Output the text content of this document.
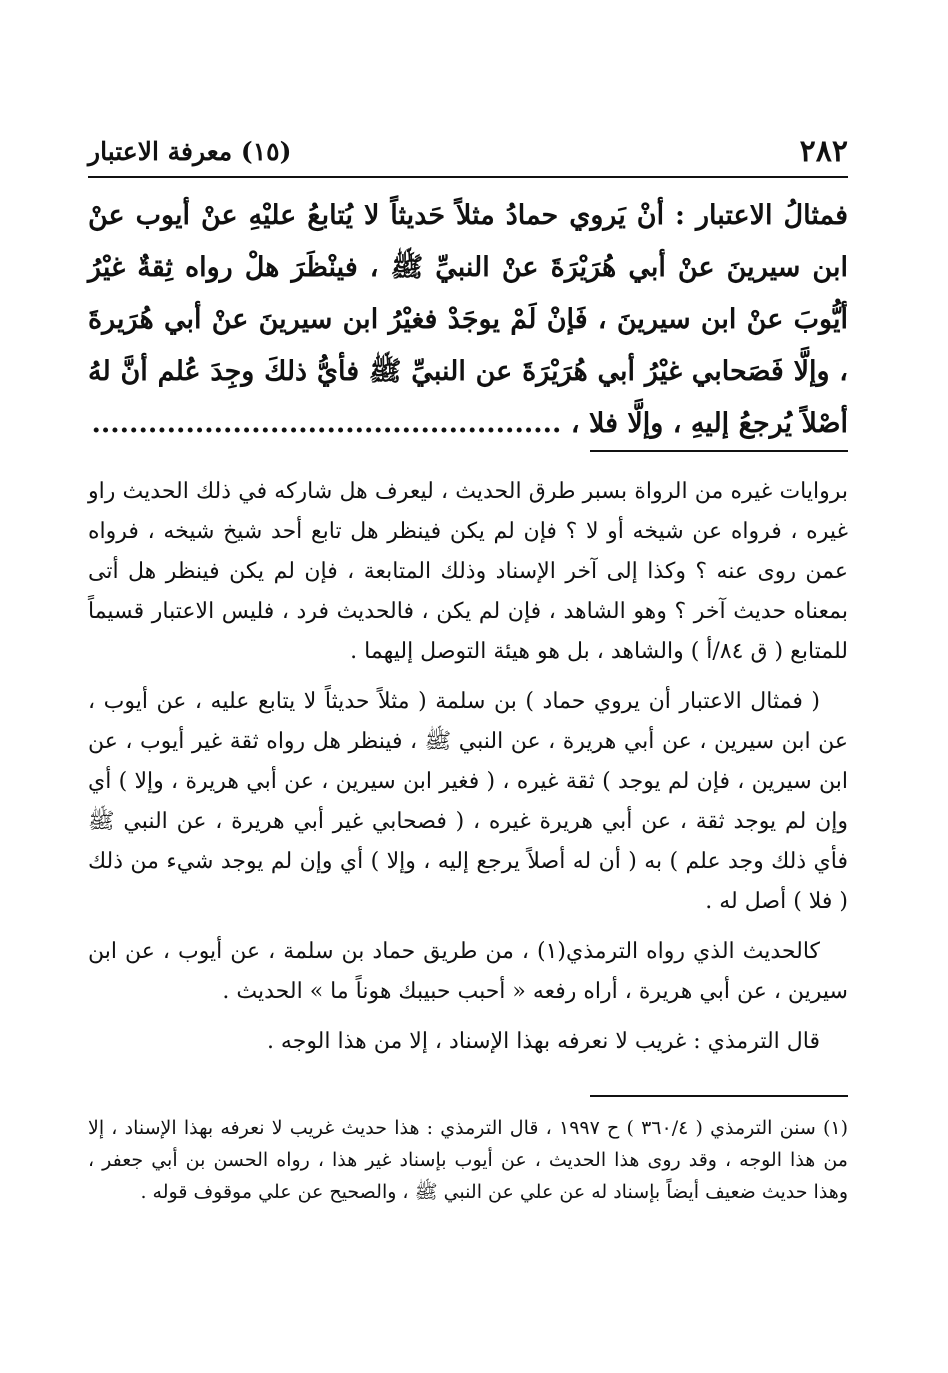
٢٨٢
(١٥) معرفة الاعتبار
فمثالُ الاعتبار : أنْ يَروي حمادُ مثلاً حَديثاً لا يُتابعُ عليْهِ عنْ أيوب عنْ ابن سيرينَ عنْ أبي هُرَيْرَةَ عنْ النبيِّ ﷺ ، فينْظَرَ هلْ رواه ثِقةٌ غيْرُ أيُّوبَ عنْ ابن سيرينَ ، فَإنْ لَمْ يوجَدْ فغيْرُ ابن سيرينَ عنْ أبي هُرَيرةَ ، وإلَّا فَصَحابي غيْرُ أبي هُرَيْرَةَ عن النبيِّ ﷺ فأيُّ ذلكَ وجِدَ عُلم أنَّ لهُ أصْلاً يُرجعُ إليهِ ، وإلَّا فلا ، ..................................................

بروايات غيره من الرواة بسبر طرق الحديث ، ليعرف هل شاركه في ذلك الحديث راو غيره ، فرواه عن شيخه أو لا ؟ فإن لم يكن فينظر هل تابع أحد شيخ شيخه ، فرواه عمن روى عنه ؟ وكذا إلى آخر الإسناد وذلك المتابعة ، فإن لم يكن فينظر هل أتى بمعناه حديث آخر ؟ وهو الشاهد ، فإن لم يكن ، فالحديث فرد ، فليس الاعتبار قسيماً للمتابع ( ق ٨٤/أ ) والشاهد ، بل هو هيئة التوصل إليهما .

( فمثال الاعتبار أن يروي حماد ) بن سلمة ( مثلاً حديثاً لا يتابع عليه ، عن أيوب ، عن ابن سيرين ، عن أبي هريرة ، عن النبي ﷺ ، فينظر هل رواه ثقة غير أيوب ، عن ابن سيرين ، فإن لم يوجد ) ثقة غيره ، ( فغير ابن سيرين ، عن أبي هريرة ، وإلا ) أي وإن لم يوجد ثقة ، عن أبي هريرة غيره ، ( فصحابي غير أبي هريرة ، عن النبي ﷺ فأي ذلك وجد علم ) به ( أن له أصلاً يرجع إليه ، وإلا ) أي وإن لم يوجد شيء من ذلك ( فلا ) أصل له .

كالحديث الذي رواه الترمذي(١) ، من طريق حماد بن سلمة ، عن أيوب ، عن ابن سيرين ، عن أبي هريرة ، أراه رفعه « أحبب حبيبك هوناً ما » الحديث .

قال الترمذي : غريب لا نعرفه بهذا الإسناد ، إلا من هذا الوجه .

(١) سنن الترمذي ( ٣٦٠/٤ ) ح ١٩٩٧ ، قال الترمذي : هذا حديث غريب لا نعرفه بهذا الإسناد ، إلا من هذا الوجه ، وقد روى هذا الحديث ، عن أيوب بإسناد غير هذا ، رواه الحسن بن أبي جعفر ، وهذا حديث ضعيف أيضاً بإسناد له عن علي عن النبي ﷺ ، والصحيح عن علي موقوف قوله .
